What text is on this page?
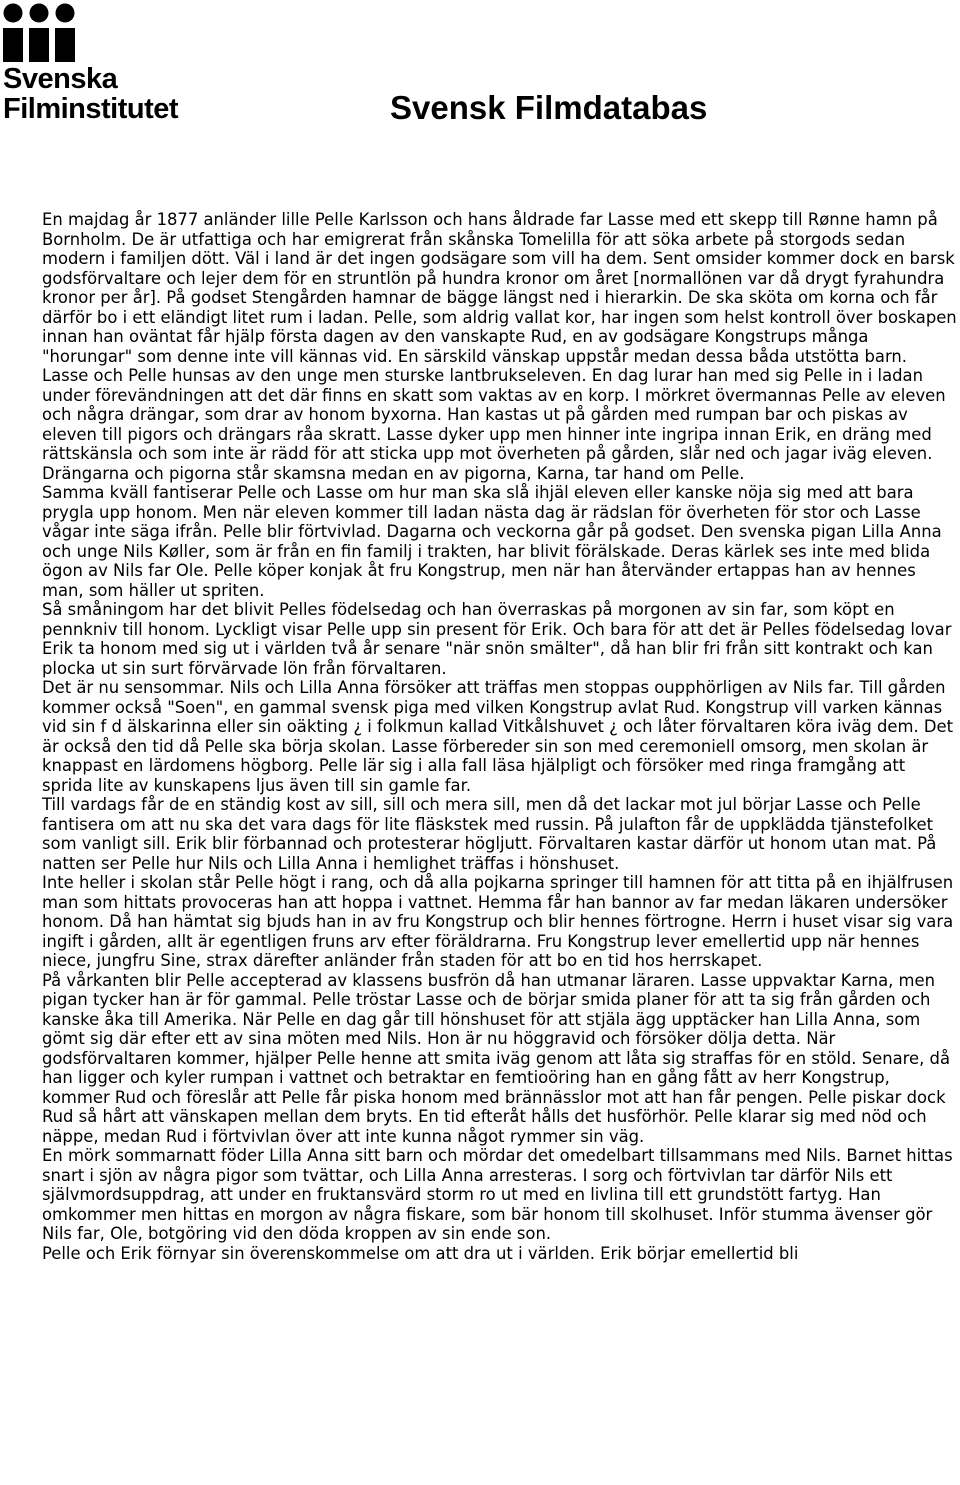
Svenska
Filminstitutet	Svensk Filmdatabas

En majdag år 1877 anländer lille Pelle Karlsson och hans åldrade far Lasse med ett skepp till Rønne hamn på Bornholm. De är utfattiga och har emigrerat från skånska Tomelilla för att söka arbete på storgods sedan modern i familjen dött. Väl i land är det ingen godsägare som vill ha dem. Sent omsider kommer dock en barsk godsförvaltare och lejer dem för en struntlön på hundra kronor om året [normallönen var då drygt fyrahundra kronor per år]. På godset Stengården hamnar de bägge längst ned i hierarkin. De ska sköta om korna och får därför bo i ett eländigt litet rum i ladan. Pelle, som aldrig vallat kor, har ingen som helst kontroll över boskapen innan han oväntat får hjälp första dagen av den vanskapte Rud, en av godsägare Kongstrups många "horungar" som denne inte vill kännas vid. En särskild vänskap uppstår medan dessa båda utstötta barn.

Lasse och Pelle hunsas av den unge men sturske lantbrukseleven. En dag lurar han med sig Pelle in i ladan under förevändningen att det där finns en skatt som vaktas av en korp. I mörkret övermannas Pelle av eleven och några drängar, som drar av honom byxorna. Han kastas ut på gården med rumpan bar och piskas av eleven till pigors och drängars råa skratt. Lasse dyker upp men hinner inte ingripa innan Erik, en dräng med rättskänsla och som inte är rädd för att sticka upp mot överheten på gården, slår ned och jagar iväg eleven.

Drängarna och pigorna står skamsna medan en av pigorna, Karna, tar hand om Pelle.

Samma kväll fantiserar Pelle och Lasse om hur man ska slå ihjäl eleven eller kanske nöja sig med att bara prygla upp honom. Men när eleven kommer till ladan nästa dag är rädslan för överheten för stor och Lasse vågar inte säga ifrån. Pelle blir förtvivlad. Dagarna och veckorna går på godset. Den svenska pigan Lilla Anna och unge Nils Køller, som är från en fin familj i trakten, har blivit förälskade. Deras kärlek ses inte med blida ögon av Nils far Ole. Pelle köper konjak åt fru Kongstrup, men när han återvänder ertappas han av hennes man, som häller ut spriten.

Så småningom har det blivit Pelles födelsedag och han överraskas på morgonen av sin far, som köpt en pennkniv till honom. Lyckligt visar Pelle upp sin present för Erik. Och bara för att det är Pelles födelsedag lovar Erik ta honom med sig ut i världen två år senare "när snön smälter", då han blir fri från sitt kontrakt och kan plocka ut sin surt förvärvade lön från förvaltaren.

Det är nu sensommar. Nils och Lilla Anna försöker att träffas men stoppas oupphörligen av Nils far. Till gården kommer också "Soen", en gammal svensk piga med vilken Kongstrup avlat Rud. Kongstrup vill varken kännas vid sin f d älskarinna eller sin oäkting ¿ i folkmun kallad Vitkålshuvet ¿ och låter förvaltaren köra iväg dem. Det är också den tid då Pelle ska börja skolan. Lasse förbereder sin son med ceremoniell omsorg, men skolan är knappast en lärdomens högborg. Pelle lär sig i alla fall läsa hjälpligt och försöker med ringa framgång att sprida lite av kunskapens ljus även till sin gamle far.

Till vardags får de en ständig kost av sill, sill och mera sill, men då det lackar mot jul börjar Lasse och Pelle fantisera om att nu ska det vara dags för lite fläskstek med russin. På julafton får de uppklädda tjänstefolket som vanligt sill. Erik blir förbannad och protesterar högljutt. Förvaltaren kastar därför ut honom utan mat. På natten ser Pelle hur Nils och Lilla Anna i hemlighet träffas i hönshuset.

Inte heller i skolan står Pelle högt i rang, och då alla pojkarna springer till hamnen för att titta på en ihjälfrusen man som hittats provoceras han att hoppa i vattnet. Hemma får han bannor av far medan läkaren undersöker honom. Då han hämtat sig bjuds han in av fru Kongstrup och blir hennes förtrogne. Herrn i huset visar sig vara ingift i gården, allt är egentligen fruns arv efter föräldrarna. Fru Kongstrup lever emellertid upp när hennes niece, jungfru Sine, strax därefter anländer från staden för att bo en tid hos herrskapet.

På vårkanten blir Pelle accepterad av klassens busfrön då han utmanar läraren. Lasse uppvaktar Karna, men pigan tycker han är för gammal. Pelle tröstar Lasse och de börjar smida planer för att ta sig från gården och kanske åka till Amerika. När Pelle en dag går till hönshuset för att stjäla ägg upptäcker han Lilla Anna, som gömt sig där efter ett av sina möten med Nils. Hon är nu höggravid och försöker dölja detta. När godsförvaltaren kommer, hjälper Pelle henne att smita iväg genom att låta sig straffas för en stöld. Senare, då han ligger och kyler rumpan i vattnet och betraktar en femtioöring han en gång fått av herr Kongstrup, kommer Rud och föreslår att Pelle får piska honom med brännässlor mot att han får pengen. Pelle piskar dock Rud så hårt att vänskapen mellan dem bryts. En tid efteråt hålls det husförhör. Pelle klarar sig med nöd och näppe, medan Rud i förtvivlan över att inte kunna något rymmer sin väg.

En mörk sommarnatt föder Lilla Anna sitt barn och mördar det omedelbart tillsammans med Nils. Barnet hittas snart i sjön av några pigor som tvättar, och Lilla Anna arresteras. I sorg och förtvivlan tar därför Nils ett självmordsuppdrag, att under en fruktansvärd storm ro ut med en livlina till ett grundstött fartyg. Han omkommer men hittas en morgon av några fiskare, som bär honom till skolhuset. Inför stumma ävenser gör Nils far, Ole, botgöring vid den döda kroppen av sin ende son.

Pelle och Erik förnyar sin överenskommelse om att dra ut i världen. Erik börjar emellertid bli
